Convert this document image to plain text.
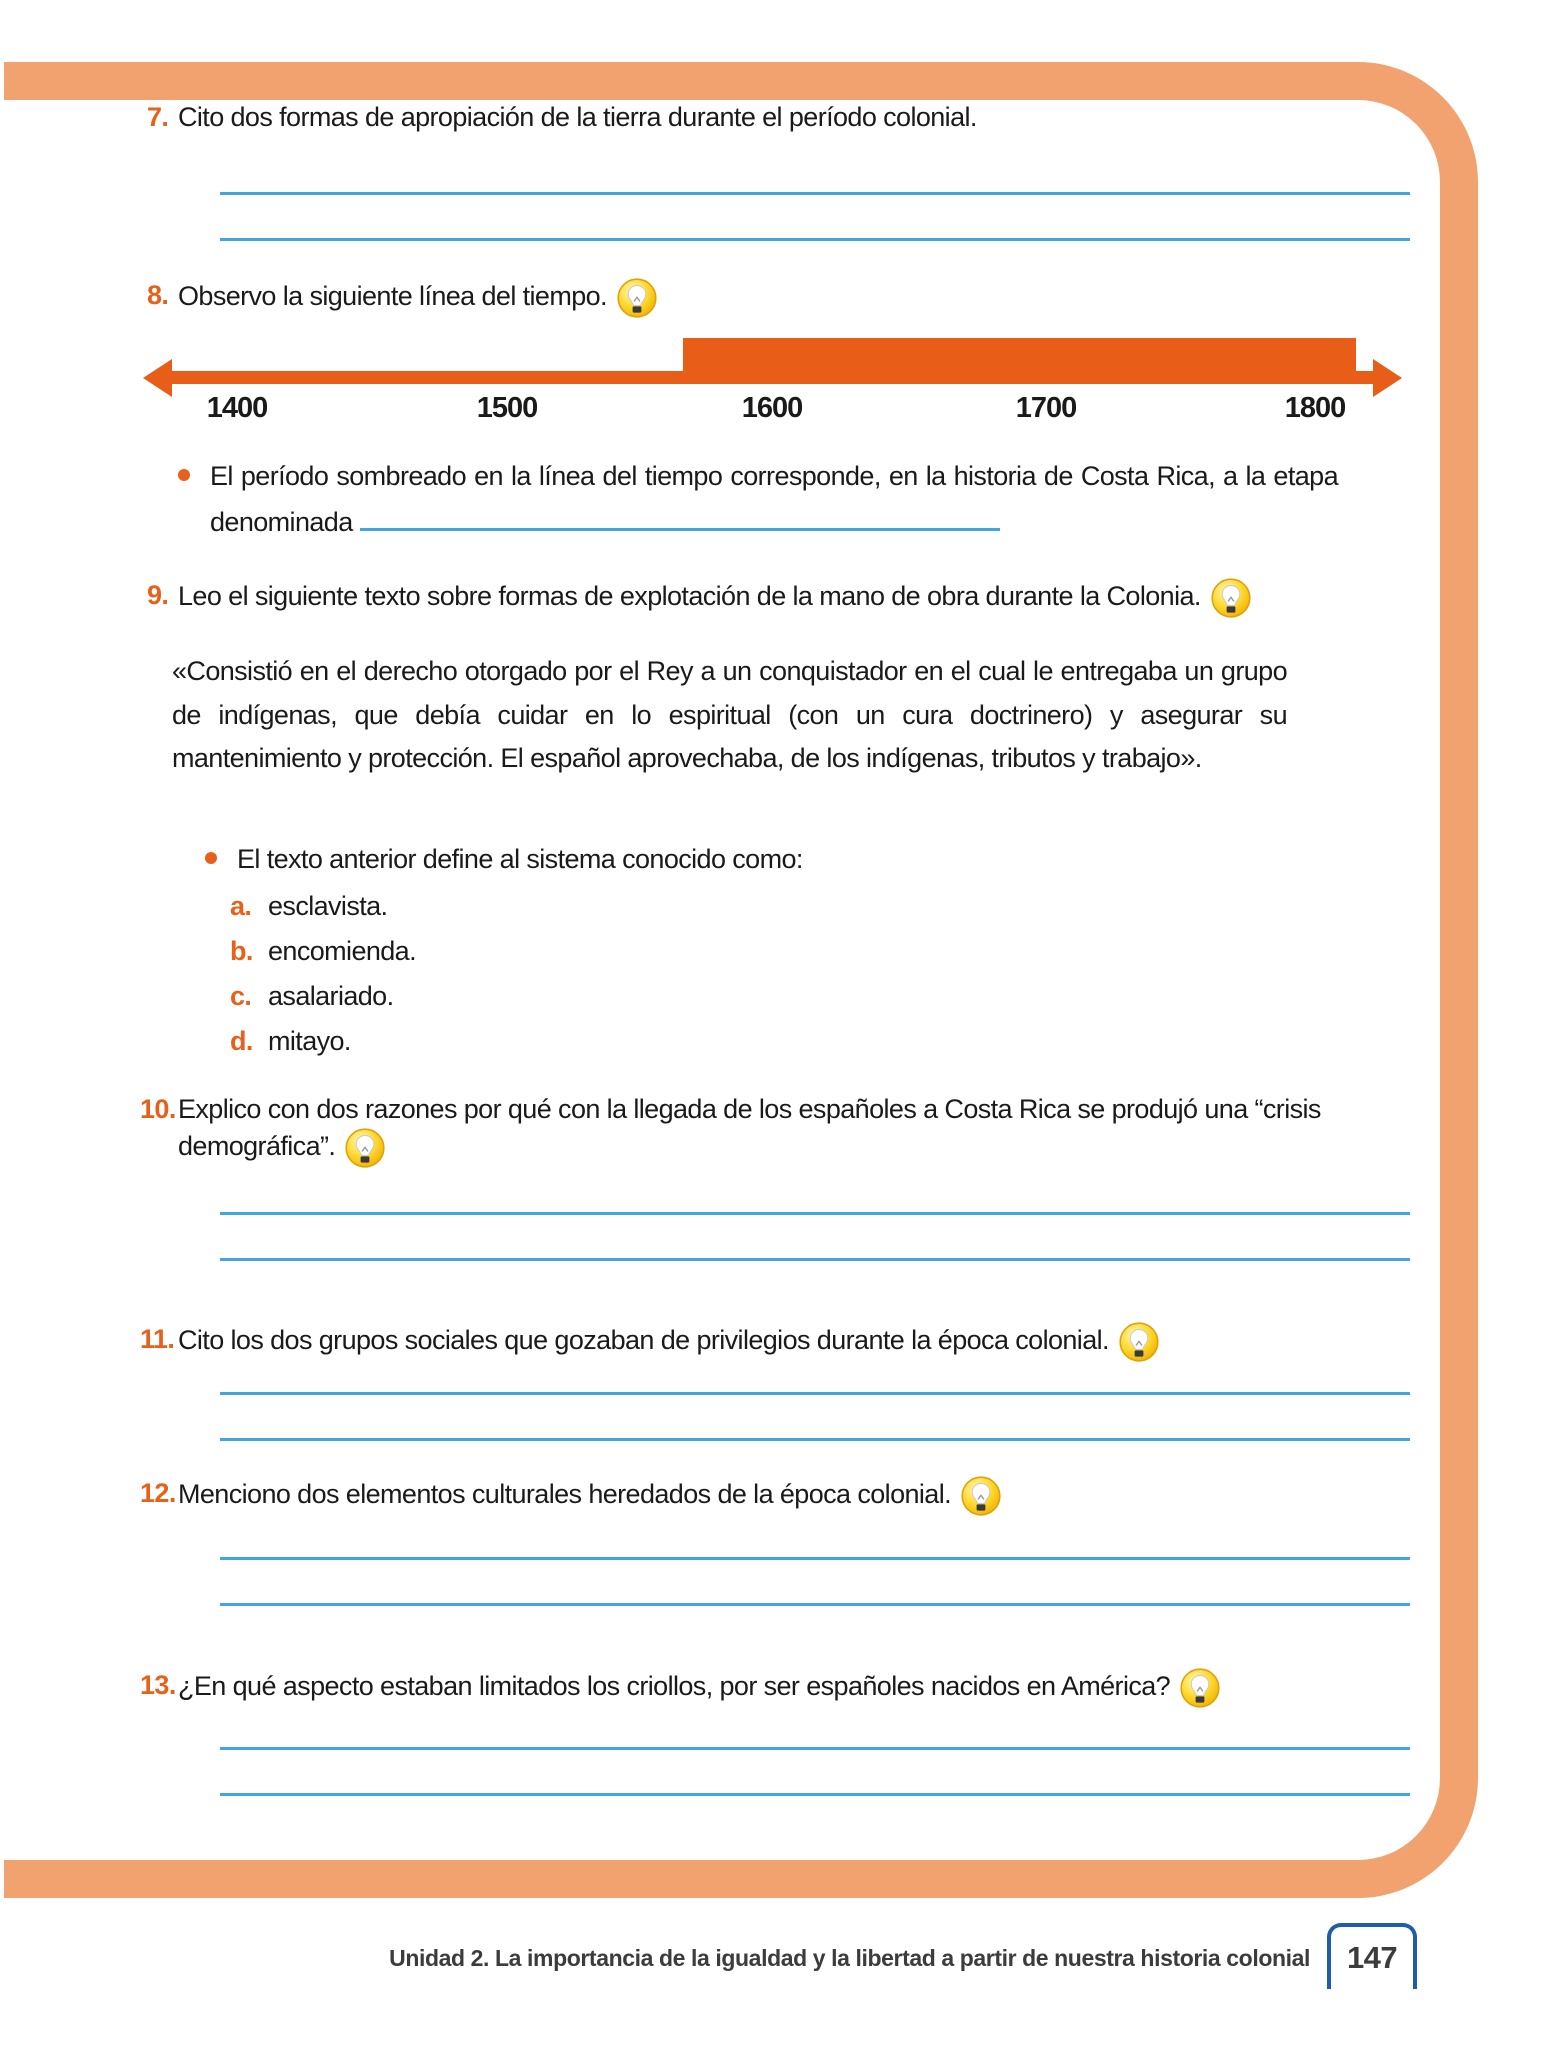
7. Cito dos formas de apropiación de la tierra durante el período colonial.
8. Observo la siguiente línea del tiempo.
1400	1500	1600	1700	1800
El período sombreado en la línea del tiempo corresponde, en la historia de Costa Rica, a la etapa denominada
9. Leo el siguiente texto sobre formas de explotación de la mano de obra durante la Colonia.
«Consistió en el derecho otorgado por el Rey a un conquistador en el cual le entregaba un grupo de indígenas, que debía cuidar en lo espiritual (con un cura doctrinero) y asegurar su mantenimiento y protección. El español aprovechaba, de los indígenas, tributos y trabajo».
El texto anterior define al sistema conocido como:
a. esclavista.
b. encomienda.
c. asalariado.
d. mitayo.
10. Explico con dos razones por qué con la llegada de los españoles a Costa Rica se produjó una “crisis demográfica”.
11. Cito los dos grupos sociales que gozaban de privilegios durante la época colonial.
12. Menciono dos elementos culturales heredados de la época colonial.
13. ¿En qué aspecto estaban limitados los criollos, por ser españoles nacidos en América?
Unidad 2. La importancia de la igualdad y la libertad a partir de nuestra historia colonial 147
